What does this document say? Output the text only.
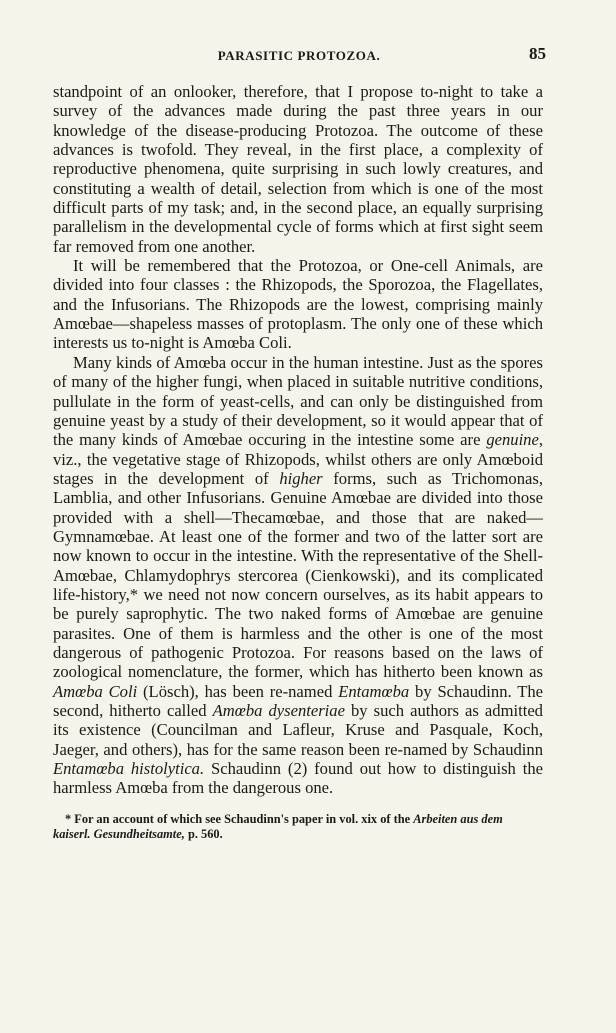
PARASITIC PROTOZOA.	85

standpoint of an onlooker, therefore, that I propose to-night to take a survey of the advances made during the past three years in our knowledge of the disease-producing Protozoa. The outcome of these advances is twofold. They reveal, in the first place, a complexity of reproductive phenomena, quite surprising in such lowly creatures, and constituting a wealth of detail, selection from which is one of the most difficult parts of my task; and, in the second place, an equally surprising parallelism in the developmental cycle of forms which at first sight seem far removed from one another.

It will be remembered that the Protozoa, or One-cell Animals, are divided into four classes : the Rhizopods, the Sporozoa, the Flagellates, and the Infusorians. The Rhizopods are the lowest, comprising mainly Amœbae—shapeless masses of protoplasm. The only one of these which interests us to-night is Amœba Coli.

Many kinds of Amœba occur in the human intestine. Just as the spores of many of the higher fungi, when placed in suitable nutritive conditions, pullulate in the form of yeast-cells, and can only be distinguished from genuine yeast by a study of their development, so it would appear that of the many kinds of Amœbae occuring in the intestine some are genuine, viz., the vegetative stage of Rhizopods, whilst others are only Amœboid stages in the development of higher forms, such as Trichomonas, Lamblia, and other Infusorians. Genuine Amœbae are divided into those provided with a shell—Thecamœbae, and those that are naked—Gymnamœbae. At least one of the former and two of the latter sort are now known to occur in the intestine. With the representative of the Shell-Amœbae, Chlamydophrys stercorea (Cienkowski), and its complicated life-history,* we need not now concern ourselves, as its habit appears to be purely saprophytic. The two naked forms of Amœbae are genuine parasites. One of them is harmless and the other is one of the most dangerous of pathogenic Protozoa. For reasons based on the laws of zoological nomenclature, the former, which has hitherto been known as Amœba Coli (Lösch), has been re-named Entamœba by Schaudinn. The second, hitherto called Amœba dysenteriae by such authors as admitted its existence (Councilman and Lafleur, Kruse and Pasquale, Koch, Jaeger, and others), has for the same reason been re-named by Schaudinn Entamœba histolytica. Schaudinn (2) found out how to distinguish the harmless Amœba from the dangerous one.

* For an account of which see Schaudinn's paper in vol. xix of the Arbeiten aus dem kaiserl. Gesundheitsamte, p. 560.
